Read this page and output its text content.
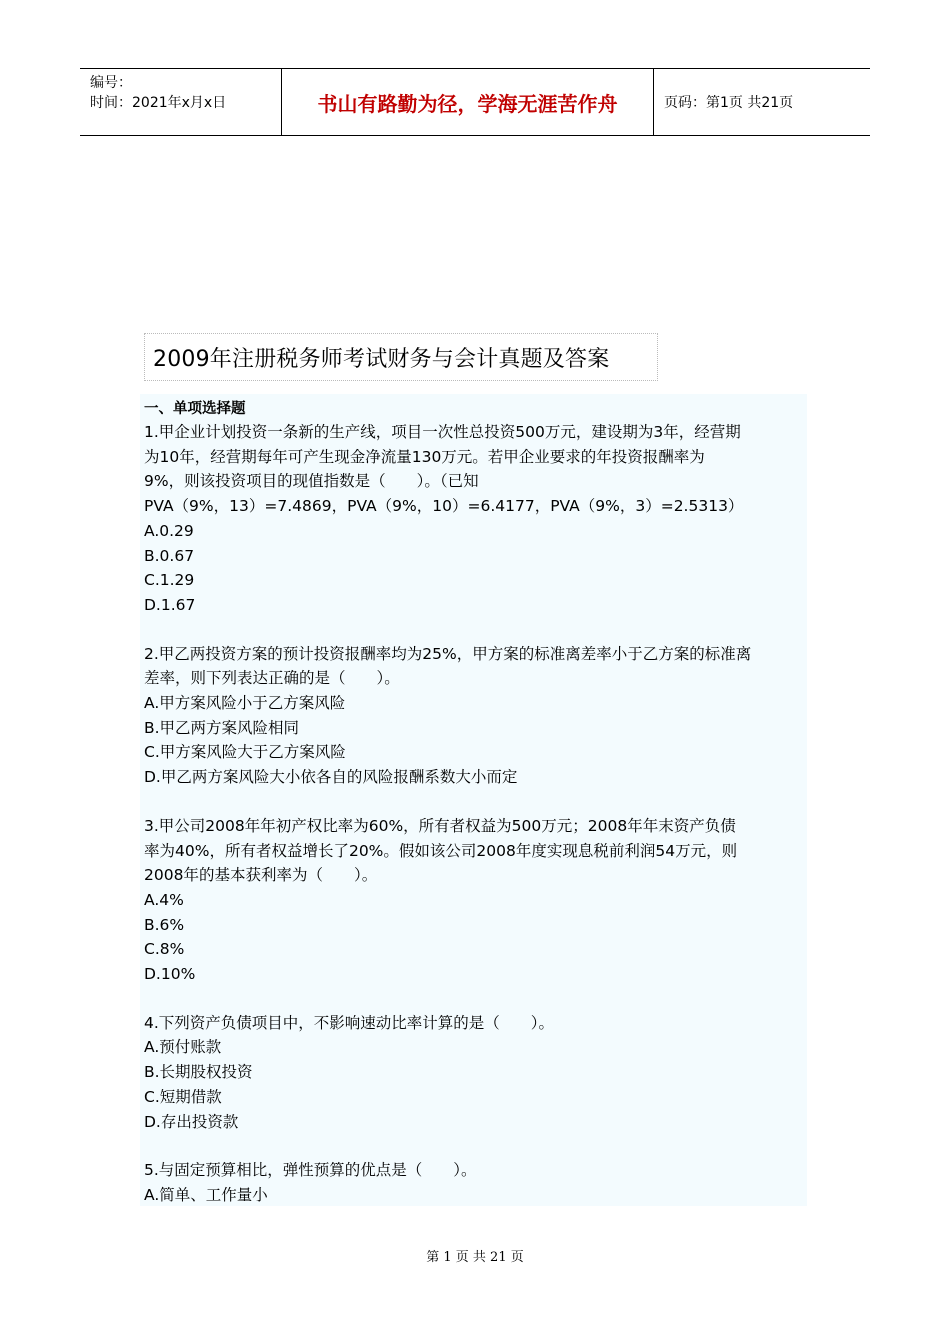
编号：
时间：2021年x月x日	书山有路勤为径，学海无涯苦作舟	页码：第1页 共21页
2009年注册税务师考试财务与会计真题及答案
一、单项选择题
1.甲企业计划投资一条新的生产线，项目一次性总投资500万元，建设期为3年，经营期
为10年，经营期每年可产生现金净流量130万元。若甲企业要求的年投资报酬率为
9%，则该投资项目的现值指数是（　　）。（已知
PVA（9%，13）=7.4869，PVA（9%，10）=6.4177，PVA（9%，3）=2.5313）
A.0.29
B.0.67
C.1.29
D.1.67
2.甲乙两投资方案的预计投资报酬率均为25%，甲方案的标准离差率小于乙方案的标准离
差率，则下列表达正确的是（　　）。
A.甲方案风险小于乙方案风险
B.甲乙两方案风险相同
C.甲方案风险大于乙方案风险
D.甲乙两方案风险大小依各自的风险报酬系数大小而定
3.甲公司2008年年初产权比率为60%，所有者权益为500万元；2008年年末资产负债
率为40%，所有者权益增长了20%。假如该公司2008年度实现息税前利润54万元，则
2008年的基本获利率为（　　）。
A.4%
B.6%
C.8%
D.10%
4.下列资产负债项目中，不影响速动比率计算的是（　　）。
A.预付账款
B.长期股权投资
C.短期借款
D.存出投资款
5.与固定预算相比，弹性预算的优点是（　　）。
A.简单、工作量小
第 1 页 共 21 页
